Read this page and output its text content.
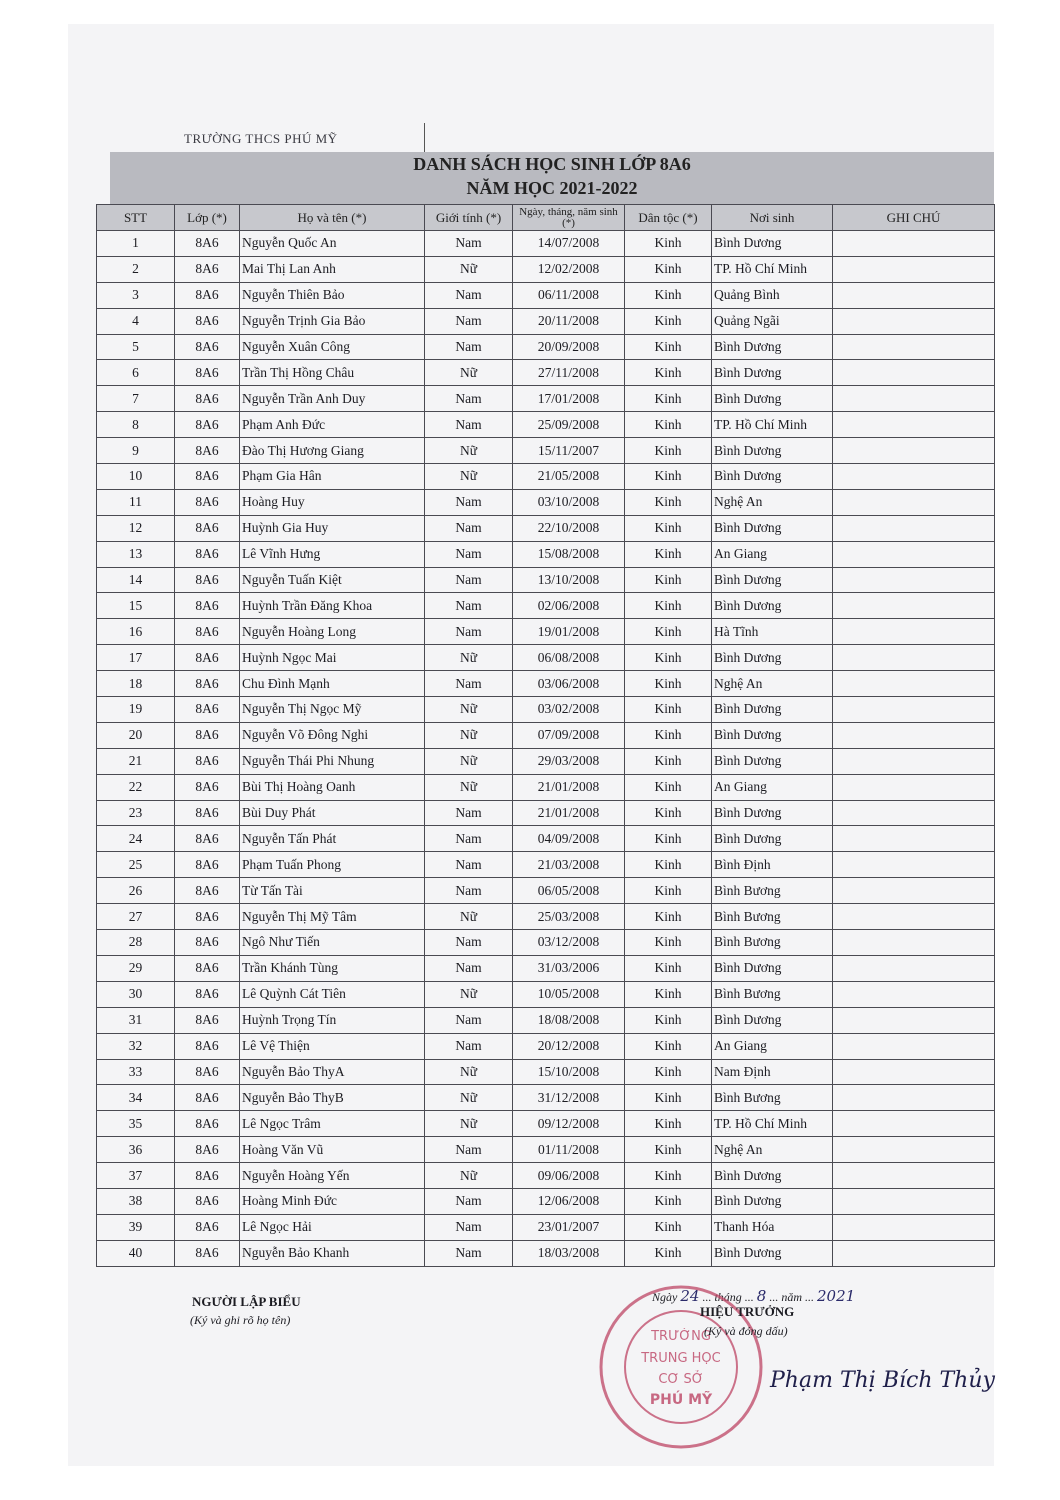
TRƯỜNG THCS PHÚ MỸ
DANH SÁCH HỌC SINH LỚP 8A6
NĂM HỌC 2021-2022
STT	Lớp (*)	Họ và tên (*)	Giới tính (*)	Ngày, tháng, năm sinh (*)	Dân tộc (*)	Nơi sinh	GHI CHÚ
1	8A6	Nguyễn Quốc An	Nam	14/07/2008	Kinh	Bình Dương	
2	8A6	Mai Thị Lan Anh	Nữ	12/02/2008	Kinh	TP. Hồ Chí Minh	
3	8A6	Nguyễn Thiên Bảo	Nam	06/11/2008	Kinh	Quảng Bình	
4	8A6	Nguyễn Trịnh Gia Bảo	Nam	20/11/2008	Kinh	Quảng Ngãi	
5	8A6	Nguyễn Xuân Công	Nam	20/09/2008	Kinh	Bình Dương	
6	8A6	Trần Thị Hồng Châu	Nữ	27/11/2008	Kinh	Bình Dương	
7	8A6	Nguyễn Trần Anh Duy	Nam	17/01/2008	Kinh	Bình Dương	
8	8A6	Phạm Anh Đức	Nam	25/09/2008	Kinh	TP. Hồ Chí Minh	
9	8A6	Đào Thị Hương Giang	Nữ	15/11/2007	Kinh	Bình Dương	
10	8A6	Phạm Gia Hân	Nữ	21/05/2008	Kinh	Bình Dương	
11	8A6	Hoàng Huy	Nam	03/10/2008	Kinh	Nghệ An	
12	8A6	Huỳnh Gia Huy	Nam	22/10/2008	Kinh	Bình Dương	
13	8A6	Lê Vĩnh Hưng	Nam	15/08/2008	Kinh	An Giang	
14	8A6	Nguyễn Tuấn Kiệt	Nam	13/10/2008	Kinh	Bình Dương	
15	8A6	Huỳnh Trần Đăng Khoa	Nam	02/06/2008	Kinh	Bình Dương	
16	8A6	Nguyễn Hoàng Long	Nam	19/01/2008	Kinh	Hà Tĩnh	
17	8A6	Huỳnh Ngọc Mai	Nữ	06/08/2008	Kinh	Bình Dương	
18	8A6	Chu Đình Mạnh	Nam	03/06/2008	Kinh	Nghệ An	
19	8A6	Nguyễn Thị Ngọc Mỹ	Nữ	03/02/2008	Kinh	Bình Dương	
20	8A6	Nguyễn Võ Đông Nghi	Nữ	07/09/2008	Kinh	Bình Dương	
21	8A6	Nguyễn Thái Phi Nhung	Nữ	29/03/2008	Kinh	Bình Dương	
22	8A6	Bùi Thị Hoàng Oanh	Nữ	21/01/2008	Kinh	An Giang	
23	8A6	Bùi Duy Phát	Nam	21/01/2008	Kinh	Bình Dương	
24	8A6	Nguyễn Tấn Phát	Nam	04/09/2008	Kinh	Bình Dương	
25	8A6	Phạm Tuấn Phong	Nam	21/03/2008	Kinh	Bình Định	
26	8A6	Từ Tấn Tài	Nam	06/05/2008	Kinh	Bình Bương	
27	8A6	Nguyễn Thị Mỹ Tâm	Nữ	25/03/2008	Kinh	Bình Bương	
28	8A6	Ngô Như Tiến	Nam	03/12/2008	Kinh	Bình Bương	
29	8A6	Trần Khánh Tùng	Nam	31/03/2006	Kinh	Bình Dương	
30	8A6	Lê Quỳnh Cát Tiên	Nữ	10/05/2008	Kinh	Bình Bương	
31	8A6	Huỳnh Trọng Tín	Nam	18/08/2008	Kinh	Bình Dương	
32	8A6	Lê Vệ Thiện	Nam	20/12/2008	Kinh	An Giang	
33	8A6	Nguyễn Bảo ThyA	Nữ	15/10/2008	Kinh	Nam Định	
34	8A6	Nguyễn Bảo ThyB	Nữ	31/12/2008	Kinh	Bình Bương	
35	8A6	Lê Ngọc Trâm	Nữ	09/12/2008	Kinh	TP. Hồ Chí Minh	
36	8A6	Hoàng Văn Vũ	Nam	01/11/2008	Kinh	Nghệ An	
37	8A6	Nguyễn Hoàng Yến	Nữ	09/06/2008	Kinh	Bình Dương	
38	8A6	Hoàng Minh Đức	Nam	12/06/2008	Kinh	Bình Dương	
39	8A6	Lê Ngọc Hải	Nam	23/01/2007	Kinh	Thanh Hóa	
40	8A6	Nguyễn Bảo Khanh	Nam	18/03/2008	Kinh	Bình Dương	
NGƯỜI LẬP BIỂU
(Ký và ghi rõ họ tên)
Ngày 24 ... tháng ... 8 ... năm ... 2021
TRƯỜNG
TRUNG HỌC
CƠ SỞ
PHÚ MỸ
HIỆU TRƯỞNG
(Ký và đóng dấu)
Phạm Thị Bích Thủy
